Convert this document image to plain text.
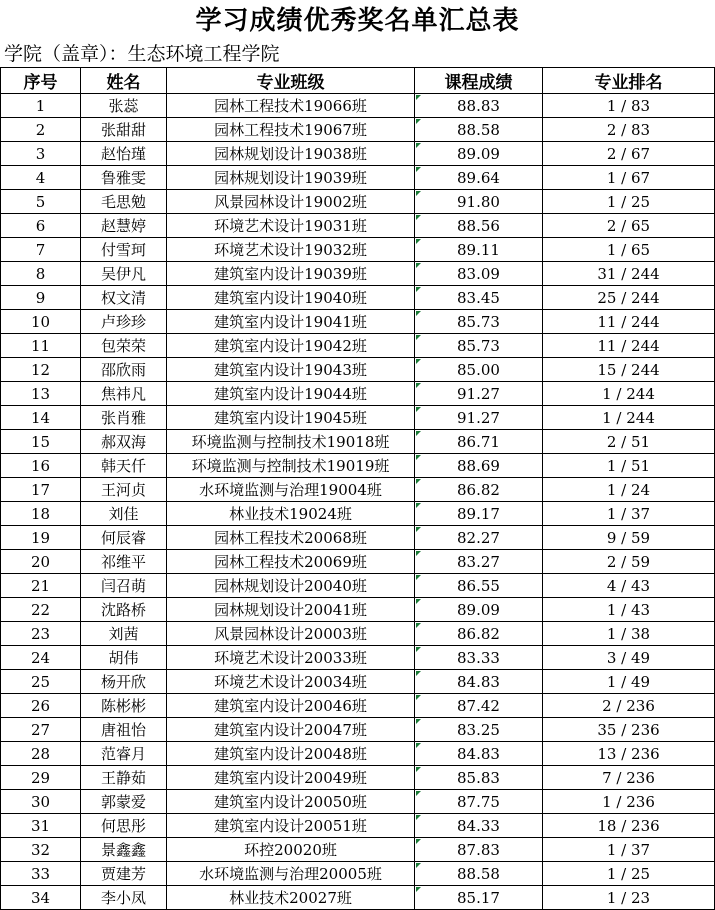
学习成绩优秀奖名单汇总表
学院（盖章）：生态环境工程学院
序号	姓名	专业班级	课程成绩	专业排名
1	张蕊	园林工程技术19066班	88.83	1 / 83
2	张甜甜	园林工程技术19067班	88.58	2 / 83
3	赵怡瑾	园林规划设计19038班	89.09	2 / 67
4	鲁雅雯	园林规划设计19039班	89.64	1 / 67
5	毛思勉	风景园林设计19002班	91.80	1 / 25
6	赵慧婷	环境艺术设计19031班	88.56	2 / 65
7	付雪珂	环境艺术设计19032班	89.11	1 / 65
8	吴伊凡	建筑室内设计19039班	83.09	31 / 244
9	权文清	建筑室内设计19040班	83.45	25 / 244
10	卢珍珍	建筑室内设计19041班	85.73	11 / 244
11	包荣荣	建筑室内设计19042班	85.73	11 / 244
12	邵欣雨	建筑室内设计19043班	85.00	15 / 244
13	焦祎凡	建筑室内设计19044班	91.27	1 / 244
14	张肖雅	建筑室内设计19045班	91.27	1 / 244
15	郝双海	环境监测与控制技术19018班	86.71	2 / 51
16	韩天仟	环境监测与控制技术19019班	88.69	1 / 51
17	王河贞	水环境监测与治理19004班	86.82	1 / 24
18	刘佳	林业技术19024班	89.17	1 / 37
19	何辰睿	园林工程技术20068班	82.27	9 / 59
20	祁维平	园林工程技术20069班	83.27	2 / 59
21	闫召萌	园林规划设计20040班	86.55	4 / 43
22	沈路桥	园林规划设计20041班	89.09	1 / 43
23	刘茜	风景园林设计20003班	86.82	1 / 38
24	胡伟	环境艺术设计20033班	83.33	3 / 49
25	杨开欣	环境艺术设计20034班	84.83	1 / 49
26	陈彬彬	建筑室内设计20046班	87.42	2 / 236
27	唐祖怡	建筑室内设计20047班	83.25	35 / 236
28	范睿月	建筑室内设计20048班	84.83	13 / 236
29	王静茹	建筑室内设计20049班	85.83	7 / 236
30	郭蒙爱	建筑室内设计20050班	87.75	1 / 236
31	何思彤	建筑室内设计20051班	84.33	18 / 236
32	景鑫鑫	环控20020班	87.83	1 / 37
33	贾建芳	水环境监测与治理20005班	88.58	1 / 25
34	李小凤	林业技术20027班	85.17	1 / 23
